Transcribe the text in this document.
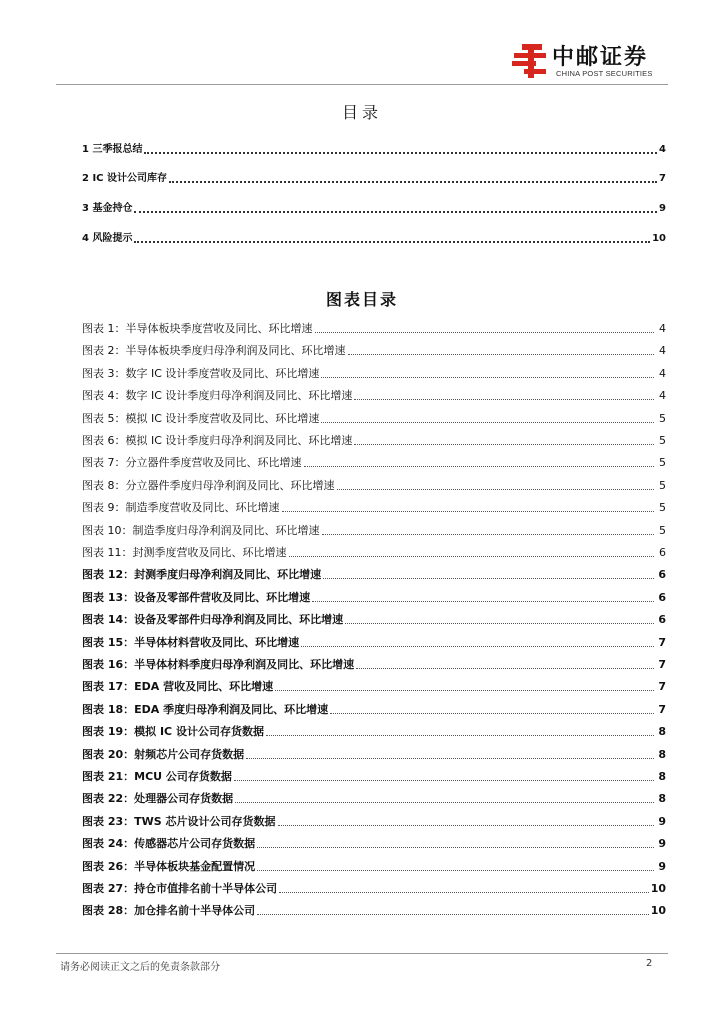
中邮证券
CHINA POST SECURITIES
目录
1 三季报总结	4
2 IC 设计公司库存	7
3 基金持仓	9
4 风险提示	10
图表目录
图表 1：半导体板块季度营收及同比、环比增速	4
图表 2：半导体板块季度归母净利润及同比、环比增速	4
图表 3：数字 IC 设计季度营收及同比、环比增速	4
图表 4：数字 IC 设计季度归母净利润及同比、环比增速	4
图表 5：模拟 IC 设计季度营收及同比、环比增速	5
图表 6：模拟 IC 设计季度归母净利润及同比、环比增速	5
图表 7：分立器件季度营收及同比、环比增速	5
图表 8：分立器件季度归母净利润及同比、环比增速	5
图表 9：制造季度营收及同比、环比增速	5
图表 10：制造季度归母净利润及同比、环比增速	5
图表 11：封测季度营收及同比、环比增速	6
图表 12：封测季度归母净利润及同比、环比增速	6
图表 13：设备及零部件营收及同比、环比增速	6
图表 14：设备及零部件归母净利润及同比、环比增速	6
图表 15：半导体材料营收及同比、环比增速	7
图表 16：半导体材料季度归母净利润及同比、环比增速	7
图表 17：EDA 营收及同比、环比增速	7
图表 18：EDA 季度归母净利润及同比、环比增速	7
图表 19：模拟 IC 设计公司存货数据	8
图表 20：射频芯片公司存货数据	8
图表 21：MCU 公司存货数据	8
图表 22：处理器公司存货数据	8
图表 23：TWS 芯片设计公司存货数据	9
图表 24：传感器芯片公司存货数据	9
图表 26：半导体板块基金配置情况	9
图表 27：持仓市值排名前十半导体公司	10
图表 28：加仓排名前十半导体公司	10
请务必阅读正文之后的免责条款部分	2
